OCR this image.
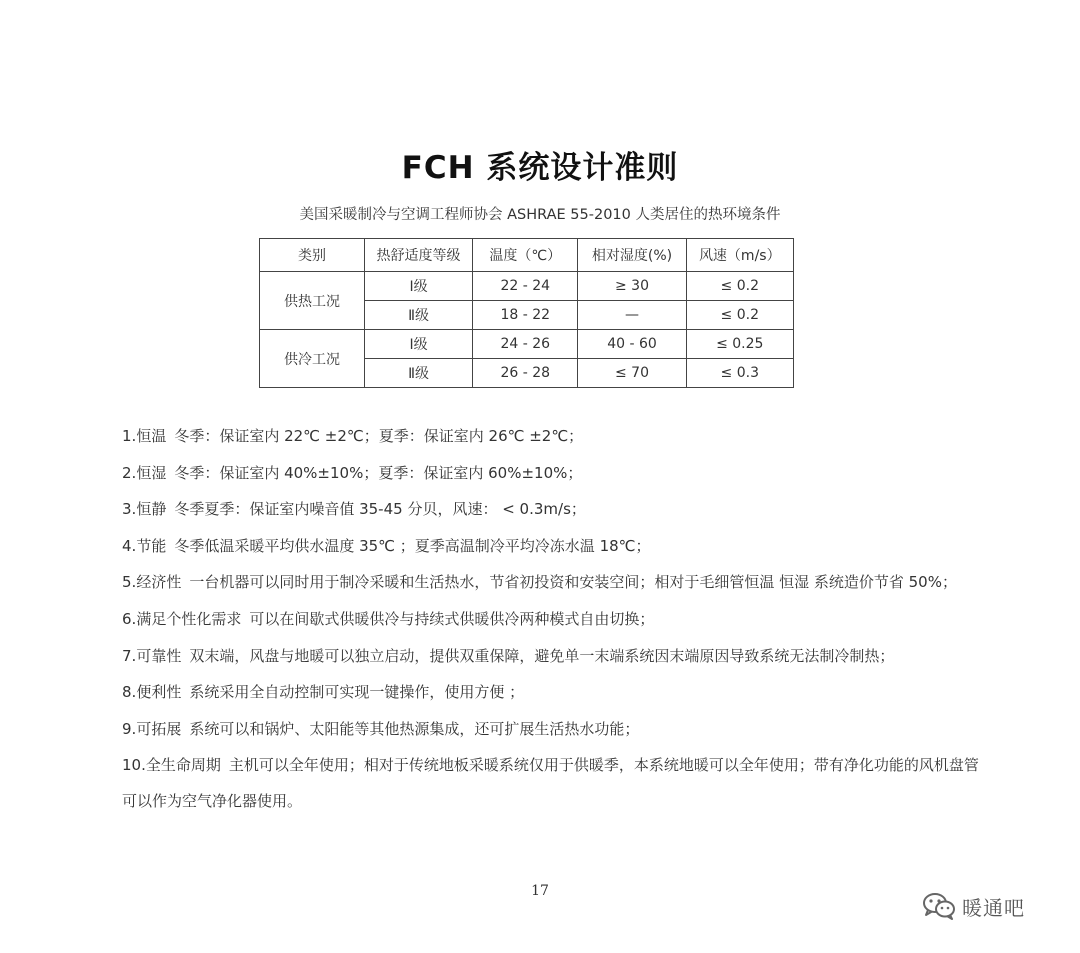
FCH 系统设计准则
美国采暖制冷与空调工程师协会 ASHRAE 55-2010 人类居住的热环境条件
类别	热舒适度等级	温度（℃）	相对湿度(%)	风速（m/s）
供热工况	Ⅰ级	22 - 24	≥ 30	≤ 0.2
	Ⅱ级	18 - 22	—	≤ 0.2
供冷工况	Ⅰ级	24 - 26	40 - 60	≤ 0.25
	Ⅱ级	26 - 28	≤ 70	≤ 0.3
1.恒温 冬季：保证室内 22℃ ±2℃；夏季：保证室内 26℃ ±2℃；
2.恒湿 冬季：保证室内 40%±10%；夏季：保证室内 60%±10%；
3.恒静 冬季夏季：保证室内噪音值 35-45 分贝，风速： < 0.3m/s；
4.节能 冬季低温采暖平均供水温度 35℃ ；夏季高温制冷平均冷冻水温 18℃；
5.经济性 一台机器可以同时用于制冷采暖和生活热水，节省初投资和安装空间；相对于毛细管恒温 恒湿 系统造价节省 50%；
6.满足个性化需求 可以在间歇式供暖供冷与持续式供暖供冷两种模式自由切换；
7.可靠性 双末端，风盘与地暖可以独立启动，提供双重保障，避免单一末端系统因末端原因导致系统无法制冷制热；
8.便利性 系统采用全自动控制可实现一键操作，使用方便 ；
9.可拓展 系统可以和锅炉、太阳能等其他热源集成，还可扩展生活热水功能；
10.全生命周期 主机可以全年使用；相对于传统地板采暖系统仅用于供暖季，本系统地暖可以全年使用；带有净化功能的风机盘管可以作为空气净化器使用。
17
暖通吧
